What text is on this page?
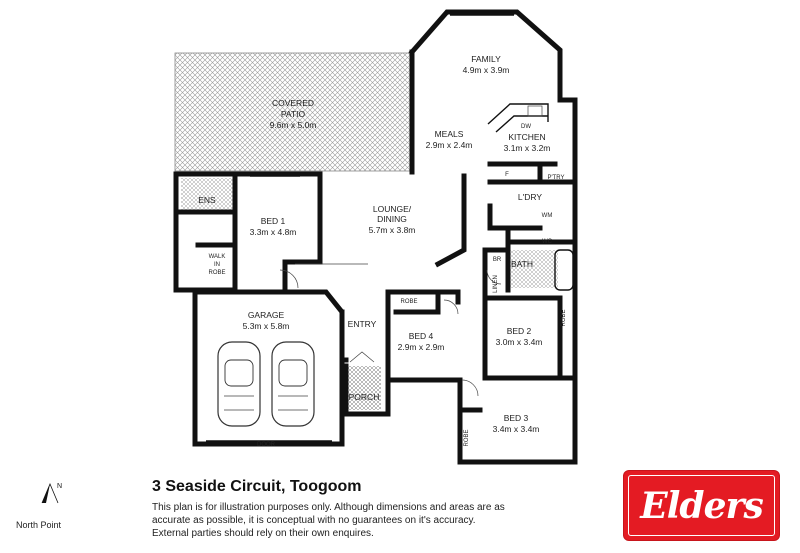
FAMILY
4.9m x 3.9m
COVERED
PATIO
9.6m x 5.0m
MEALS
2.9m x 2.4m
KITCHEN
3.1m x 3.2m
DW
F	P'TRY
ENS
BED 1
3.3m x 4.8m
LOUNGE/
DINING
5.7m x 3.8m
WALK
IN
ROBE
L'DRY
WM
WC
BATH
BR
LINEN
GARAGE
5.3m x 5.8m
DOOR
ENTRY
ROBE
BED 4
2.9m x 2.9m
BED 2
3.0m x 3.4m
ROBE
PORCH
BED 3
3.4m x 3.4m
ROBE
N
North Point
3 Seaside Circuit, Toogoom
This plan is for illustration purposes only. Although dimensions and areas are as accurate as possible, it is conceptual with no guarantees on it's accuracy. External parties should rely on their own enquires.
Elders
